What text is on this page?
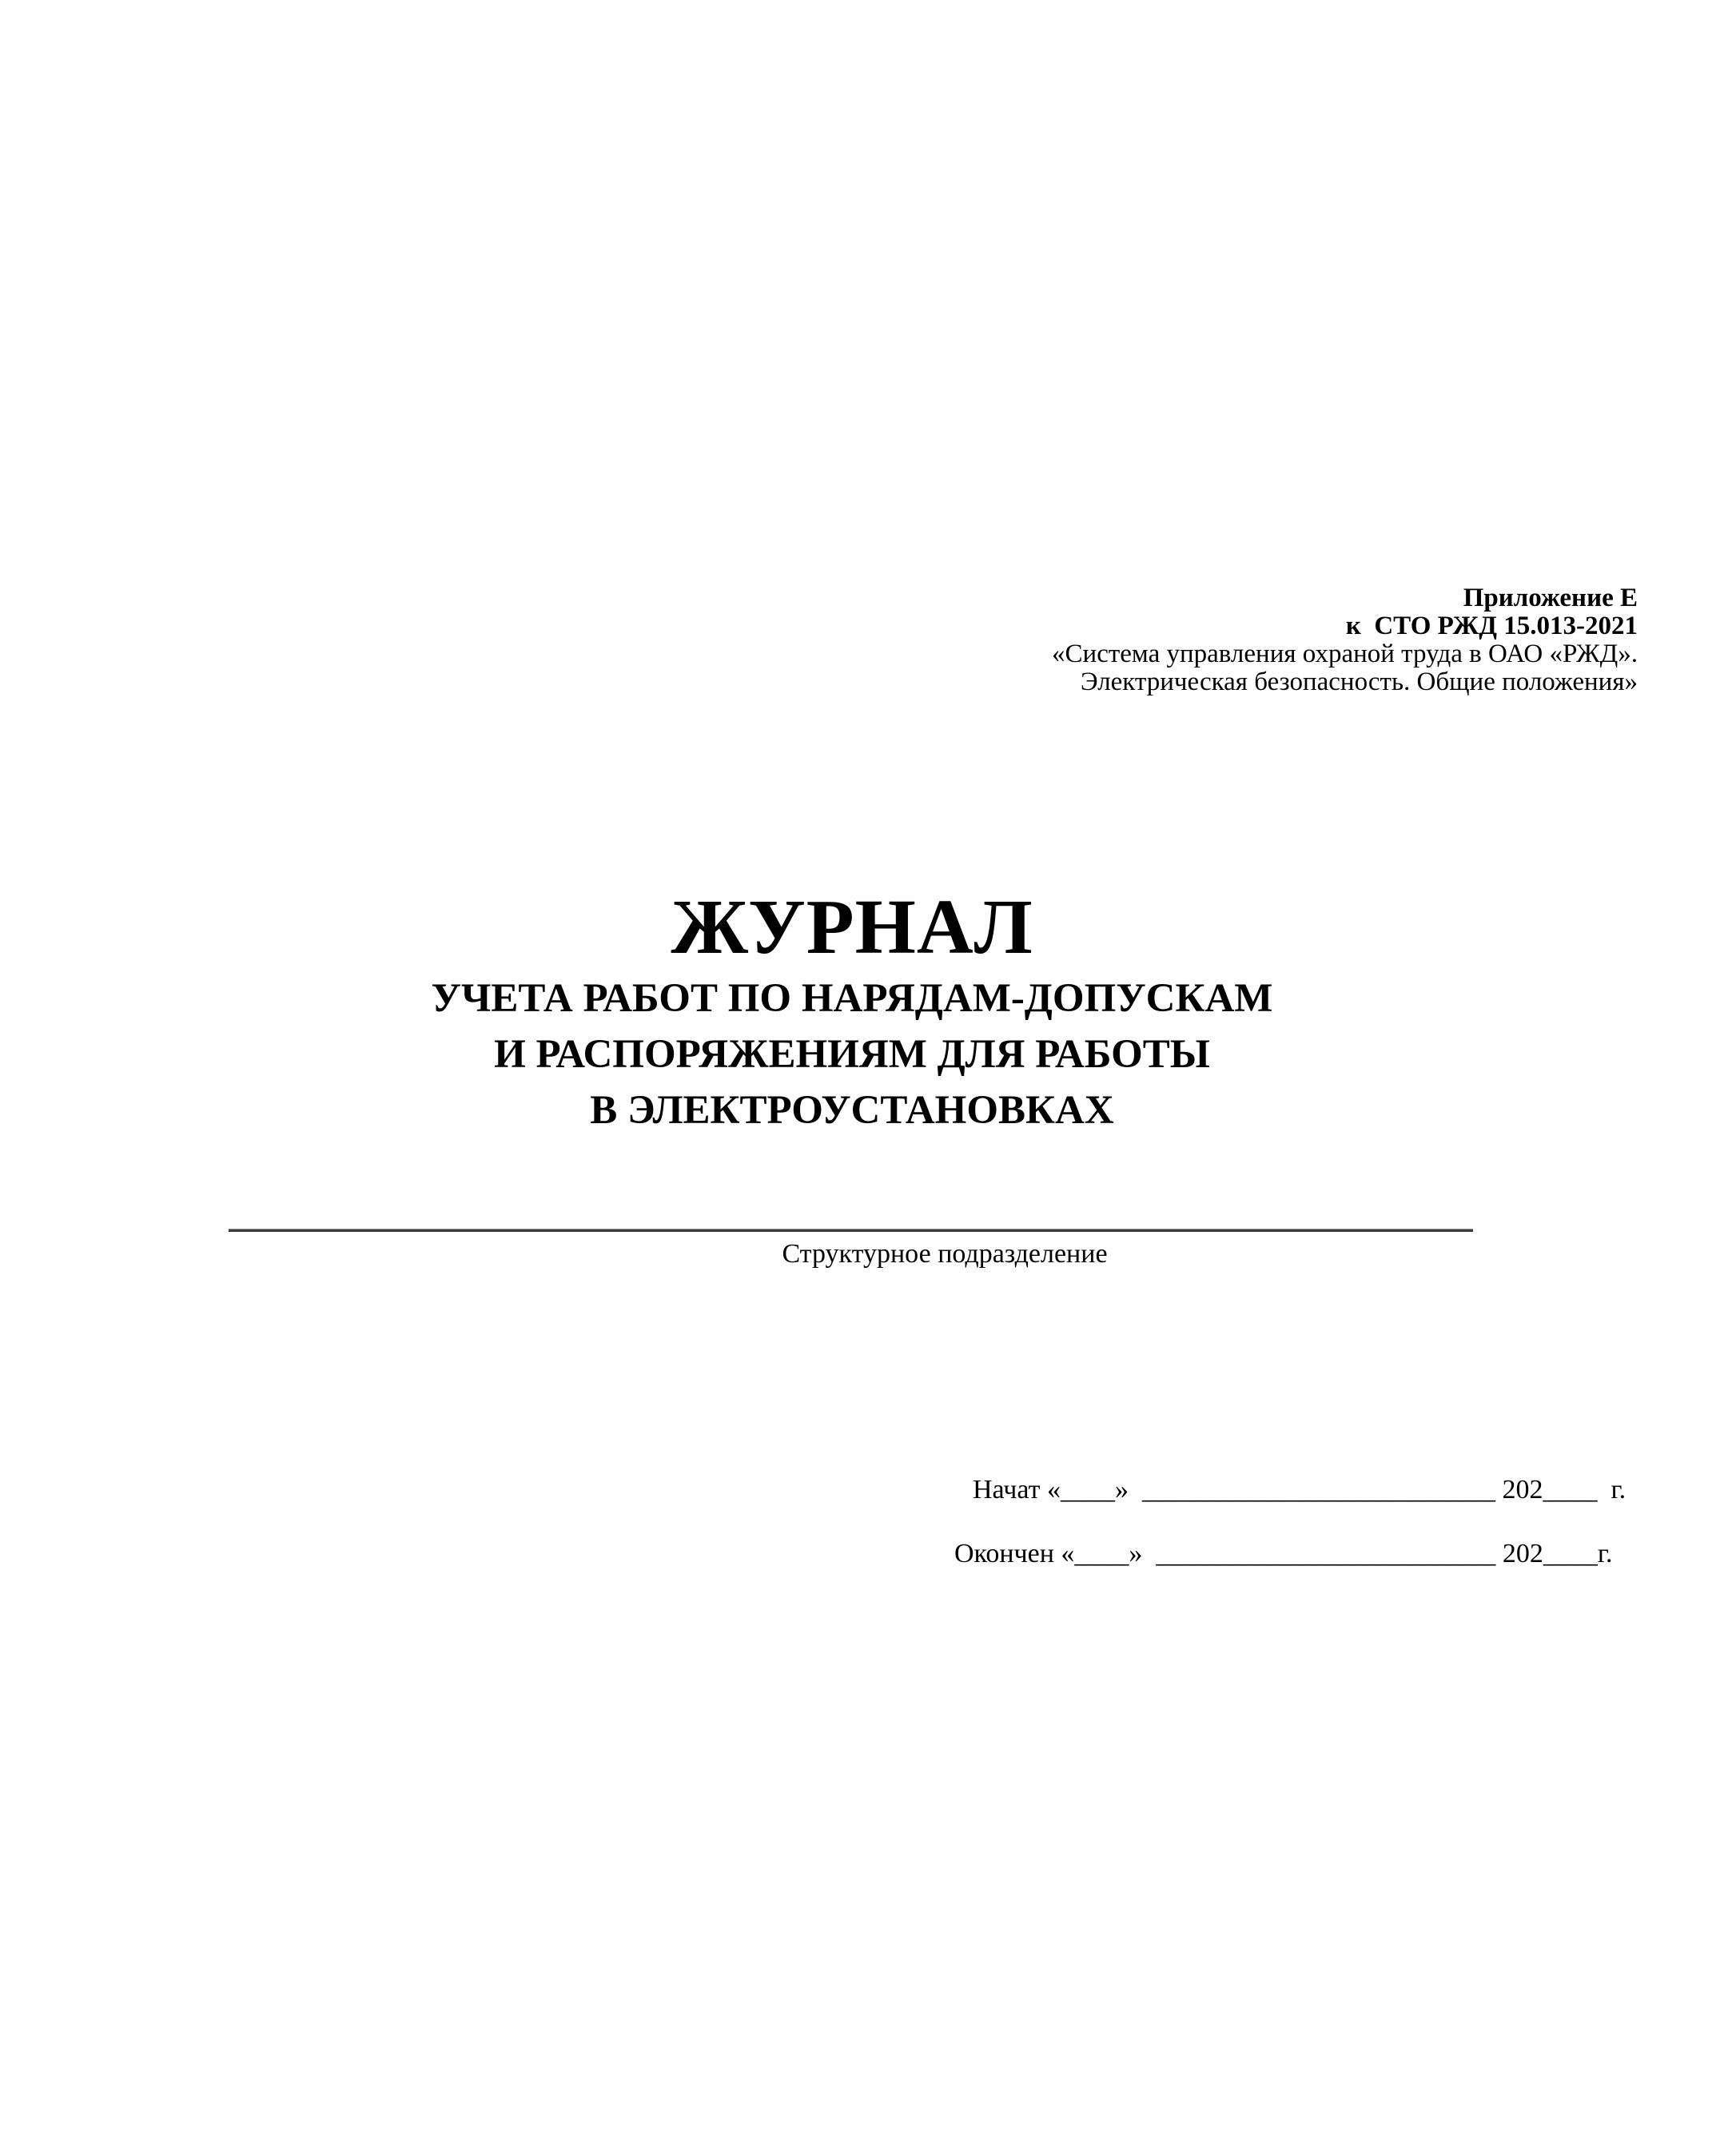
Приложение Е
к  СТО РЖД 15.013-2021
«Система управления охраной труда в ОАО «РЖД».
Электрическая безопасность. Общие положения»
ЖУРНАЛ
УЧЕТА РАБОТ ПО НАРЯДАМ-ДОПУСКАМ
И РАСПОРЯЖЕНИЯМ ДЛЯ РАБОТЫ
В ЭЛЕКТРОУСТАНОВКАХ
Структурное подразделение
Начат «____»  __________________________ 202____  г.
Окончен «____»  _________________________ 202____г.
